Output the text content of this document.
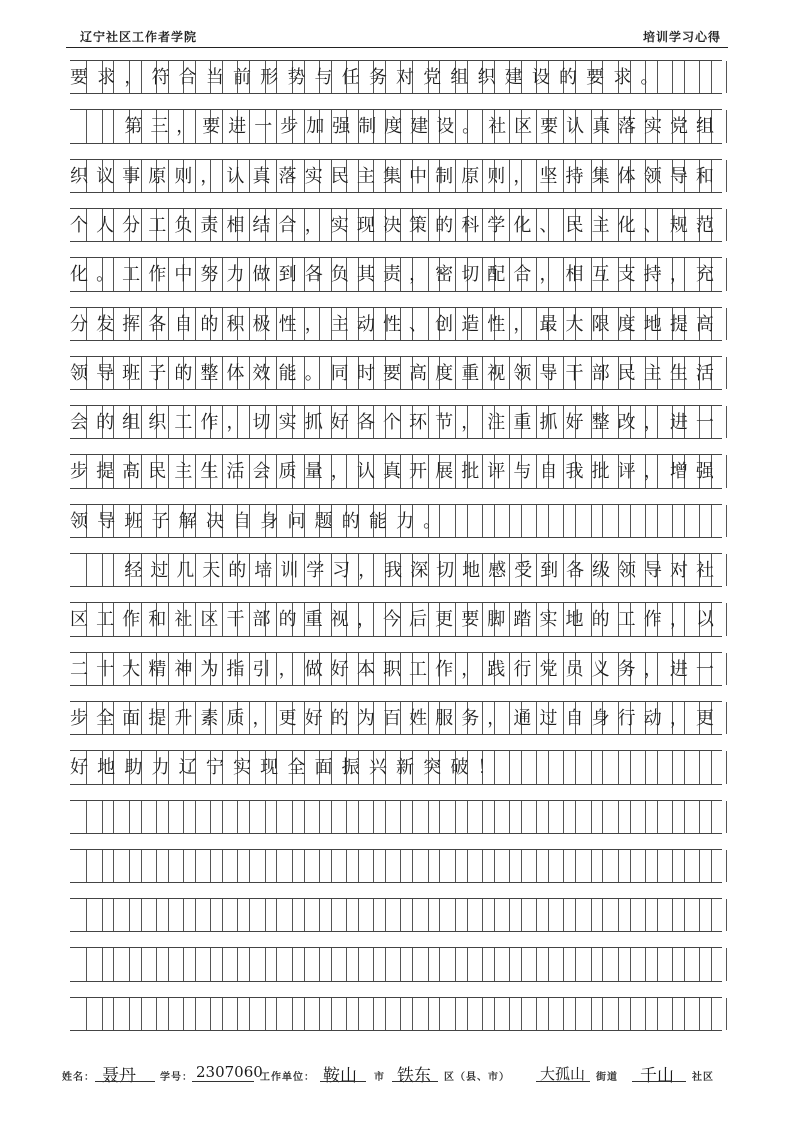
辽宁社区工作者学院	培训学习心得
要求，符合当前形势与任务对党组织建设的要求。
第三，要进一步加强制度建设。社区要认真落实党组
织议事原则，认真落实民主集中制原则，坚持集体领导和
个人分工负责相结合，实现决策的科学化、民主化、规范
化。工作中努力做到各负其责，密切配合，相互支持，充
分发挥各自的积极性，主动性、创造性，最大限度地提高
领导班子的整体效能。同时要高度重视领导干部民主生活
会的组织工作，切实抓好各个环节，注重抓好整改，进一
步提高民主生活会质量，认真开展批评与自我批评，增强
领导班子解决自身问题的能力。
经过几天的培训学习，我深切地感受到各级领导对社
区工作和社区干部的重视，今后更要脚踏实地的工作，以
二十大精神为指引，做好本职工作，践行党员义务，进一
步全面提升素质，更好的为百姓服务，通过自身行动，更
好地助力辽宁实现全面振兴新突破！
姓名： 聂丹 学号： 2307060
工作单位： 鞍山 市 铁东 区（县、市） 大孤山 街道 千山 社区
